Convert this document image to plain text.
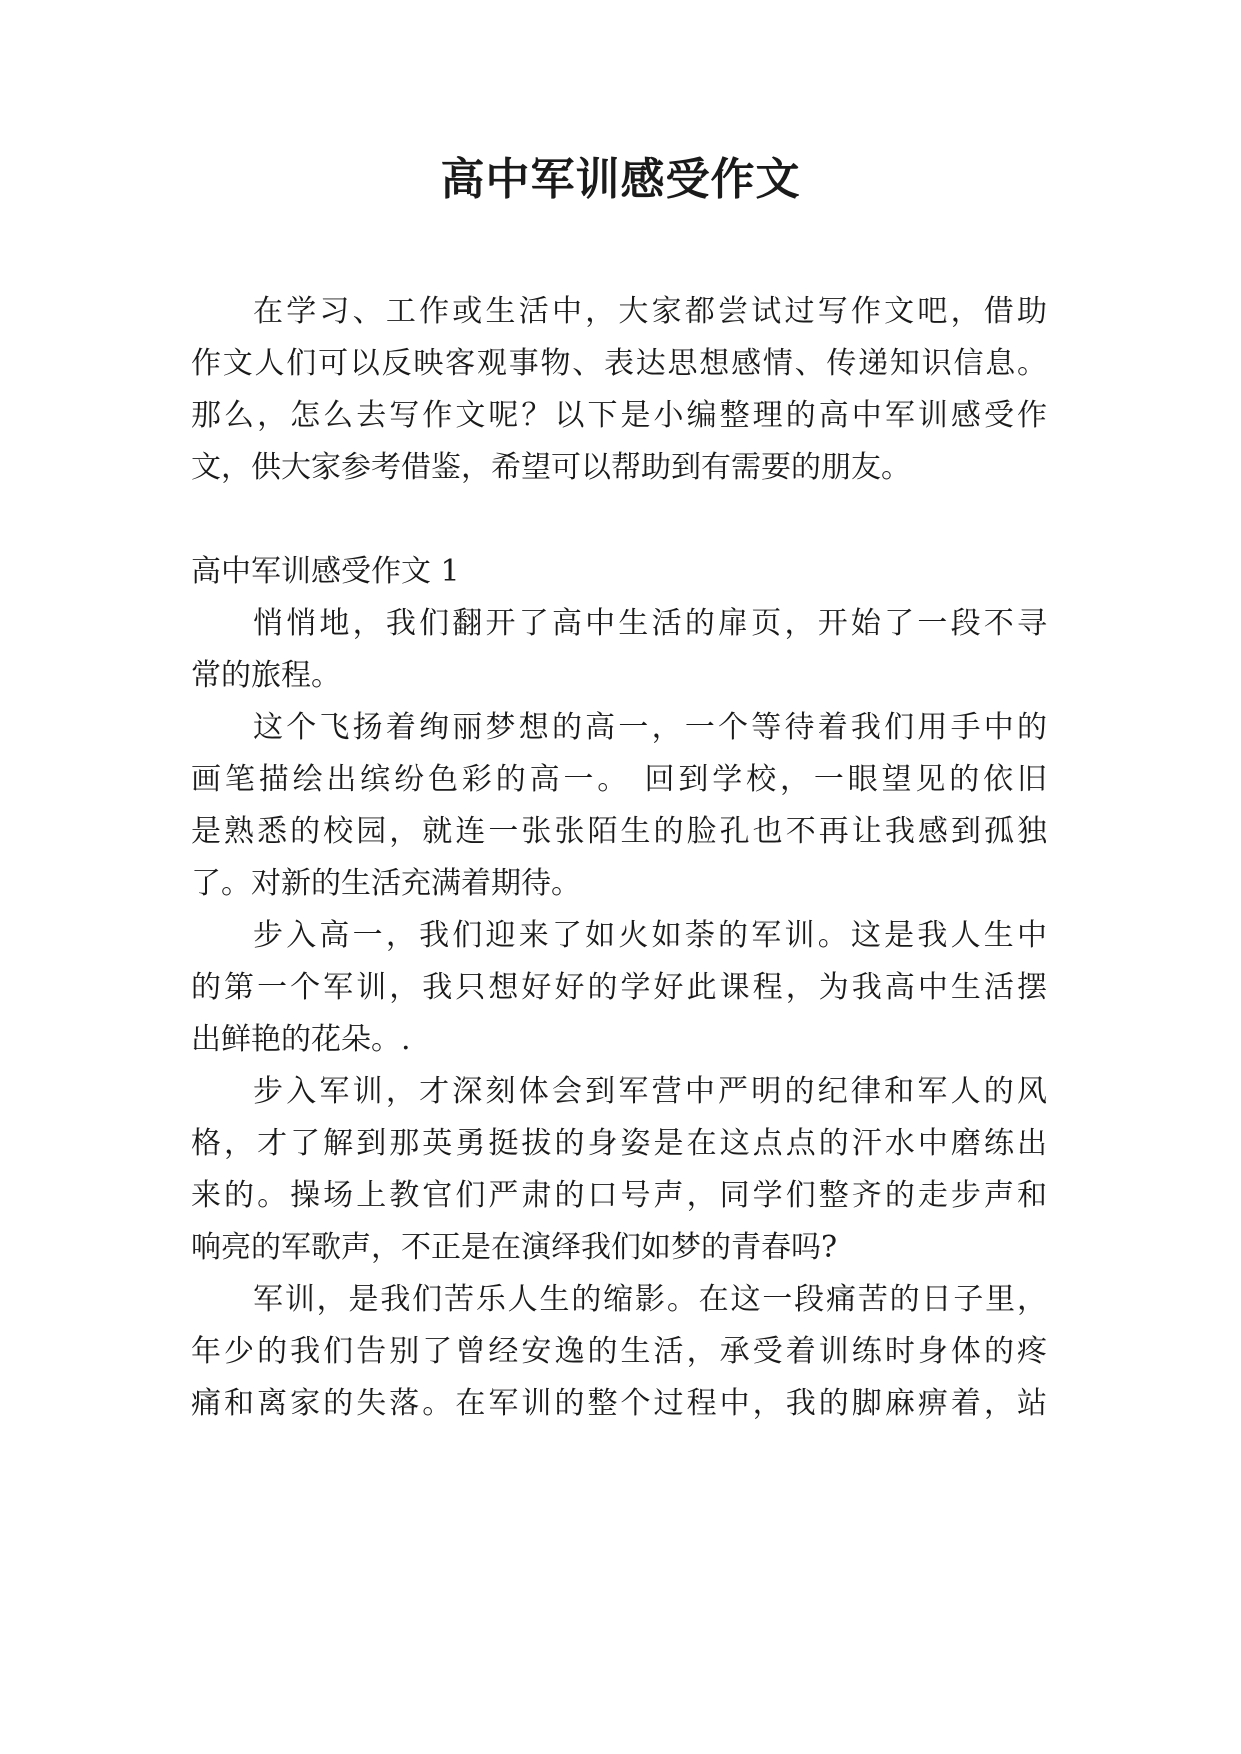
高中军训感受作文

在学习、工作或生活中，大家都尝试过写作文吧，借助

作文人们可以反映客观事物、表达思想感情、传递知识信息。

那么，怎么去写作文呢？以下是小编整理的高中军训感受作

文，供大家参考借鉴，希望可以帮助到有需要的朋友。

高中军训感受作文 1

悄悄地，我们翻开了高中生活的扉页，开始了一段不寻

常的旅程。

这个飞扬着绚丽梦想的高一，一个等待着我们用手中的

画笔描绘出缤纷色彩的高一。 回到学校，一眼望见的依旧

是熟悉的校园，就连一张张陌生的脸孔也不再让我感到孤独

了。对新的生活充满着期待。

步入高一，我们迎来了如火如荼的军训。这是我人生中

的第一个军训，我只想好好的学好此课程，为我高中生活摆

出鲜艳的花朵。.

步入军训，才深刻体会到军营中严明的纪律和军人的风

格，才了解到那英勇挺拔的身姿是在这点点的汗水中磨练出

来的。操场上教官们严肃的口号声，同学们整齐的走步声和

响亮的军歌声，不正是在演绎我们如梦的青春吗?

军训，是我们苦乐人生的缩影。在这一段痛苦的日子里，

年少的我们告别了曾经安逸的生活，承受着训练时身体的疼

痛和离家的失落。在军训的整个过程中，我的脚麻痹着，站
